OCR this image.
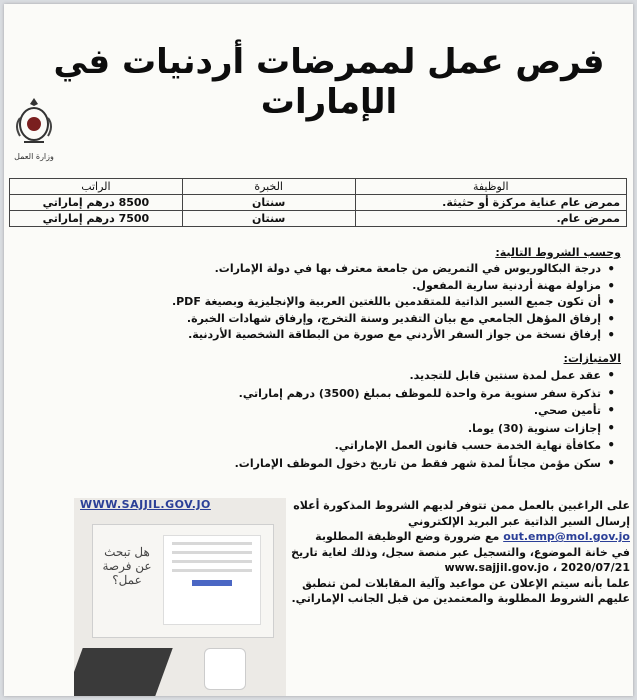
فرص عمل لممرضات أردنيات في الإمارات
وزارة العمل
الوظيفة	الخبرة	الراتب
ممرض عام عناية مركزة أو حثيثة.	سنتان	8500 درهم إماراتي
ممرض عام.	سنتان	7500 درهم إماراتي
وحسب الشروط التالية:
• درجة البكالوريوس في التمريض من جامعة معترف بها في دولة الإمارات.
• مزاولة مهنة أردنية سارية المفعول.
• أن تكون جميع السير الذاتية للمتقدمين باللغتين العربية والإنجليزية وبصيغة PDF.
• إرفاق المؤهل الجامعي مع بيان التقدير وسنة التخرج، وإرفاق شهادات الخبرة.
• إرفاق نسخة من جواز السفر الأردني مع صورة من البطاقة الشخصية الأردنية.
الامتيازات:
• عقد عمل لمدة سنتين قابل للتجديد.
• تذكرة سفر سنوية مرة واحدة للموظف بمبلغ (3500) درهم إماراتي.
• تأمين صحي.
• إجازات سنوية (30) يوما.
• مكافأة نهاية الخدمة حسب قانون العمل الإماراتي.
• سكن مؤمن مجاناً لمدة شهر فقط من تاريخ دخول الموظف الإمارات.
WWW.SAJJIL.GOV.JO
هل تبحث عن فرصة عمل؟
على الراغبين بالعمل ممن تتوفر لديهم الشروط المذكورة أعلاه
إرسال السير الذاتية عبر البريد الإلكتروني
out.emp@mol.gov.jo مع ضرورة وضع الوظيفة المطلوبة
في خانة الموضوع، والتسجيل عبر منصة سجل، وذلك لغاية تاريخ
2020/07/21 ، www.sajjil.gov.jo
علما بأنه سيتم الإعلان عن مواعيد وآلية المقابلات لمن تنطبق
عليهم الشروط المطلوبة والمعتمدين من قبل الجانب الإماراتي.
